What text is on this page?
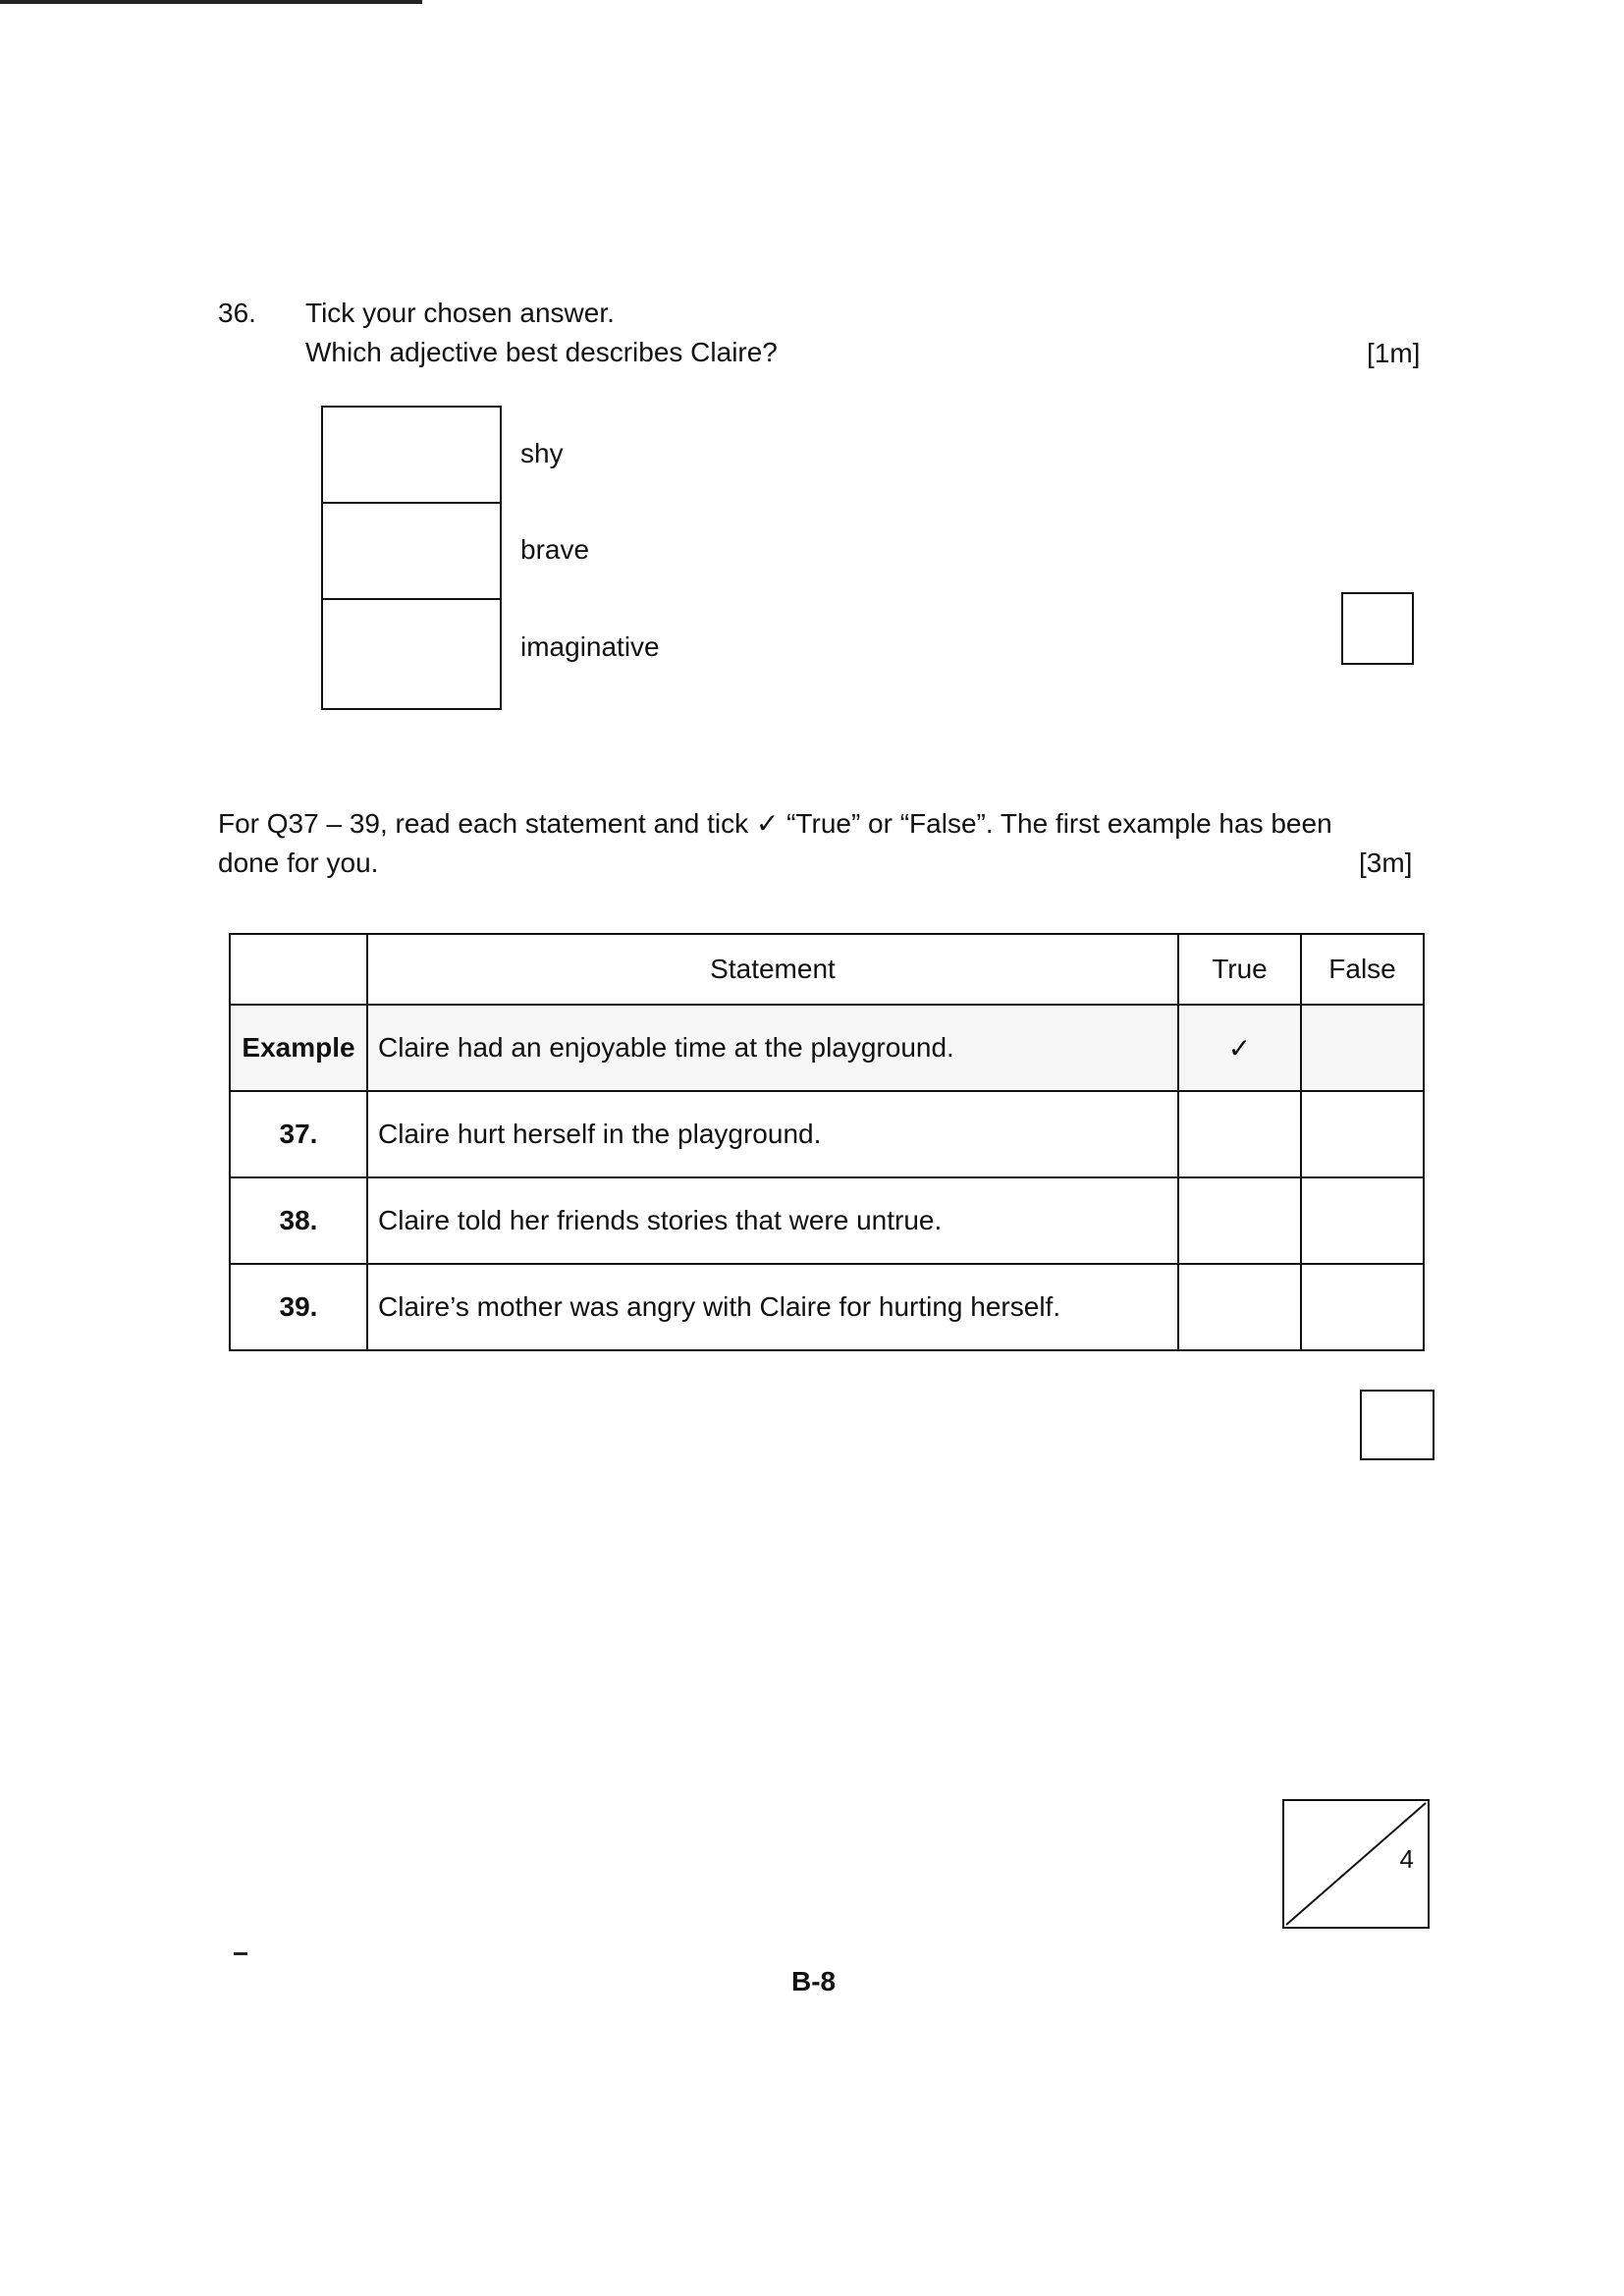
36. Tick your chosen answer.
Which adjective best describes Claire?	[1m]
shy
brave
imaginative
For Q37 – 39, read each statement and tick ✓ “True” or “False”. The first example has been
done for you.	[3m]
	Statement	True	False
Example	Claire had an enjoyable time at the playground.	✓	
37.	Claire hurt herself in the playground.		
38.	Claire told her friends stories that were untrue.		
39.	Claire’s mother was angry with Claire for hurting herself.		
4
B-8
